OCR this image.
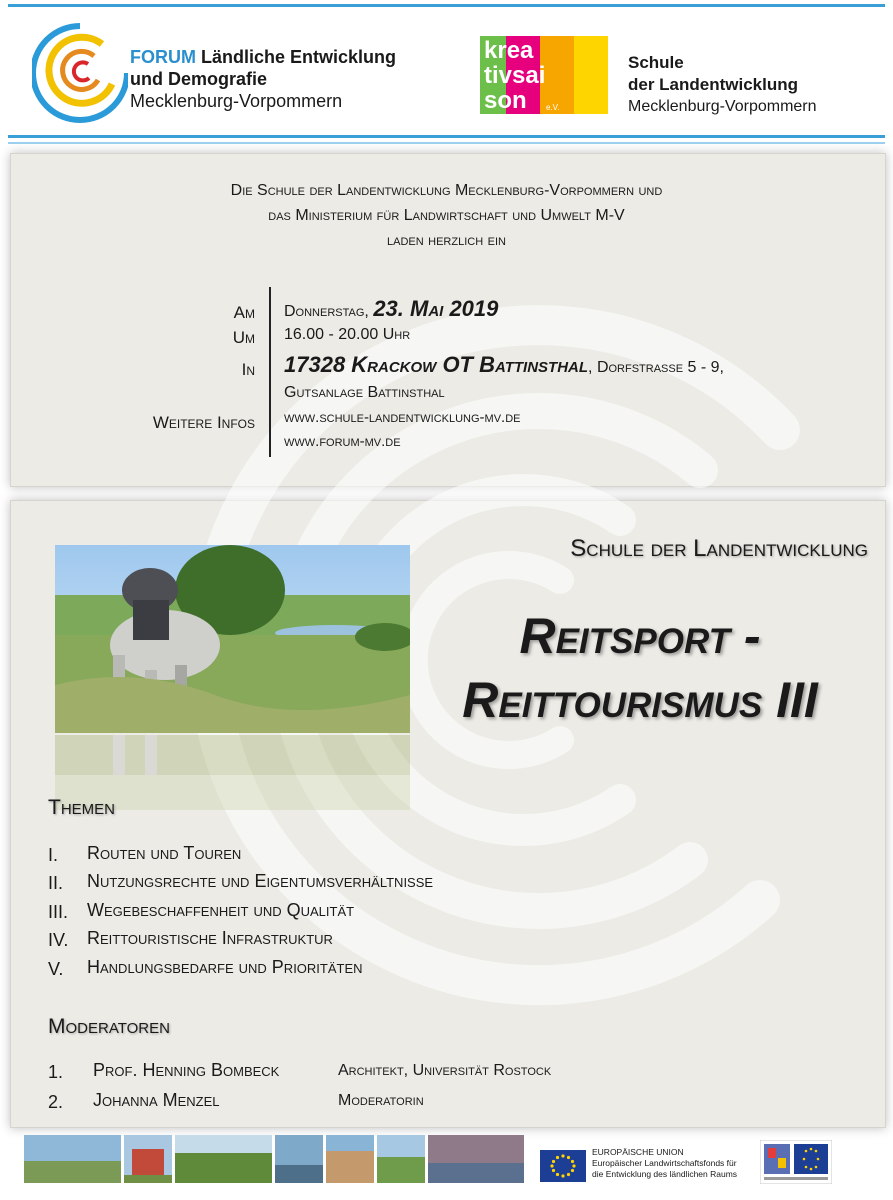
FORUM Ländliche Entwicklung
und Demografie
Mecklenburg-Vorpommern
krea
tivsai
son e.V.
Schule
der Landentwicklung
Mecklenburg-Vorpommern
Die Schule der Landentwicklung Mecklenburg-Vorpommern und
das Ministerium für Landwirtschaft und Umwelt M-V
laden herzlich ein
Am
Um
In
Weitere Infos
Donnerstag, 23. Mai 2019
16.00 - 20.00 Uhr
17328 Krackow OT Battinsthal, Dorfstrasse 5 - 9,
Gutsanlage Battinsthal
www.schule-landentwicklung-mv.de
www.forum-mv.de
Schule der Landentwicklung
Reitsport -
Reittourismus III
Themen
I. Routen und Touren
II. Nutzungsrechte und Eigentumsverhältnisse
III. Wegebeschaffenheit und Qualität
IV. Reittouristische Infrastruktur
V. Handlungsbedarfe und Prioritäten
Moderatoren
1. Prof. Henning Bombeck	Architekt, Universität Rostock
2. Johanna Menzel	Moderatorin
EUROPÄISCHE UNION
Europäischer Landwirtschaftsfonds für
die Entwicklung des ländlichen Raums
